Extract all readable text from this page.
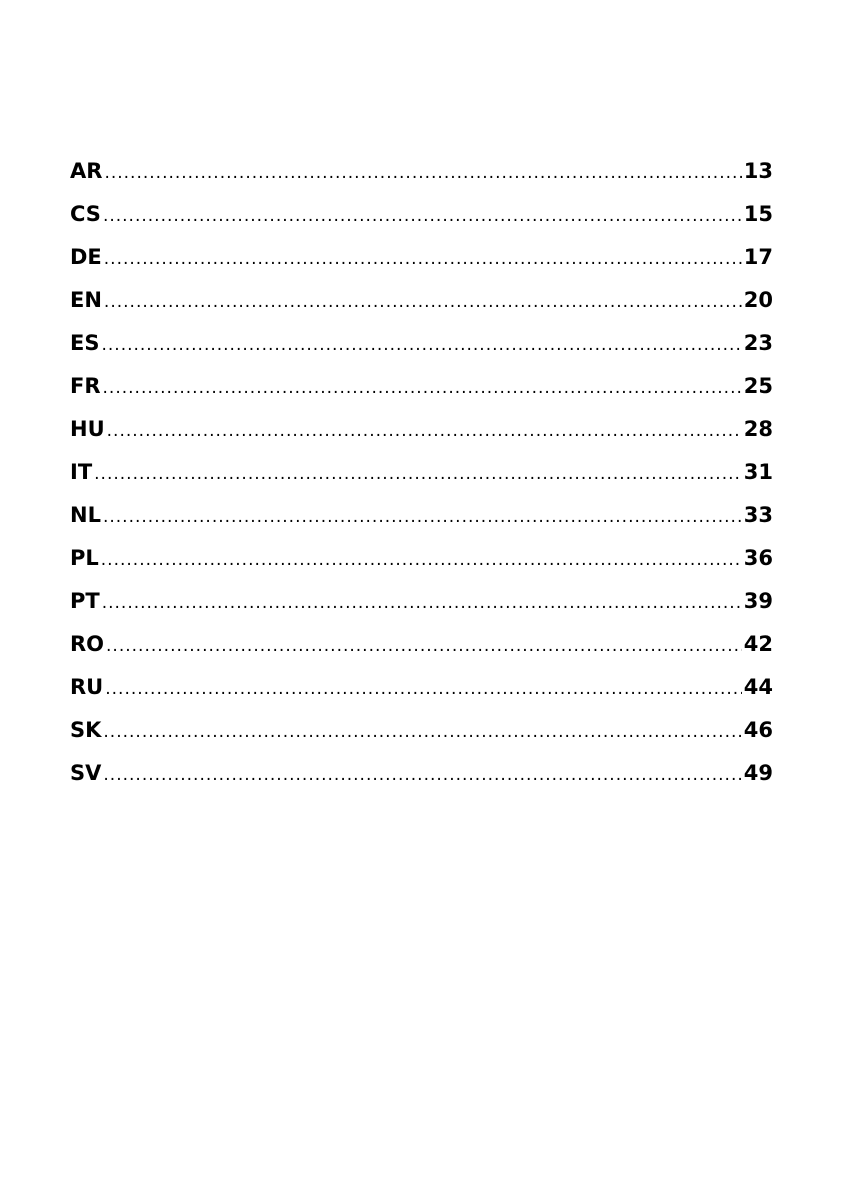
AR .....	13
CS .....	15
DE .....	17
EN .....	20
ES .....	23
FR .....	25
HU .....	28
IT .....	31
NL .....	33
PL .....	36
PT .....	39
RO .....	42
RU .....	44
SK .....	46
SV .....	49
